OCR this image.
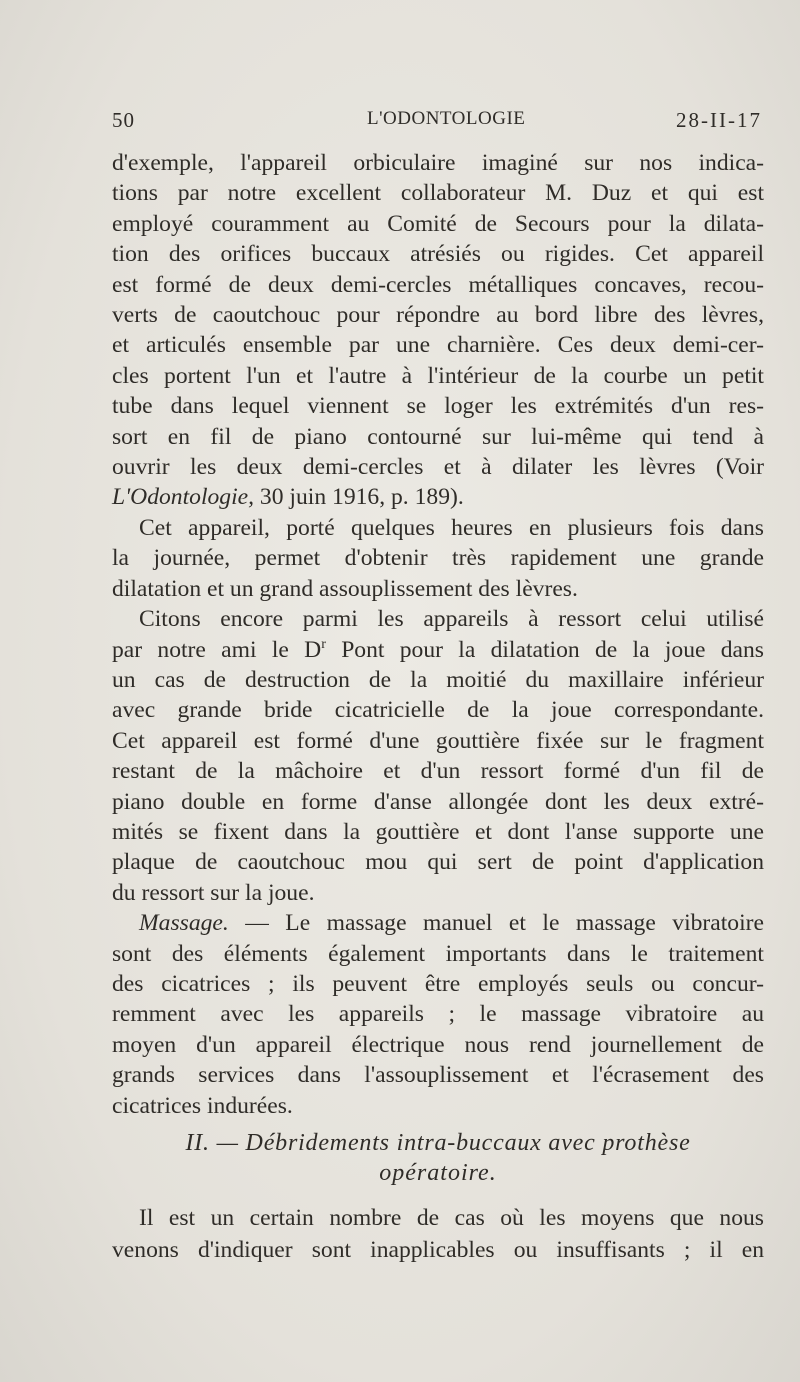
50	L'ODONTOLOGIE	28-II-17

d'exemple, l'appareil orbiculaire imaginé sur nos indica-

tions par notre excellent collaborateur M. Duz et qui est

employé couramment au Comité de Secours pour la dilata-

tion des orifices buccaux atrésiés ou rigides. Cet appareil

est formé de deux demi-cercles métalliques concaves, recou-

verts de caoutchouc pour répondre au bord libre des lèvres,

et articulés ensemble par une charnière. Ces deux demi-cer-

cles portent l'un et l'autre à l'intérieur de la courbe un petit

tube dans lequel viennent se loger les extrémités d'un res-

sort en fil de piano contourné sur lui-même qui tend à

ouvrir les deux demi-cercles et à dilater les lèvres (Voir

L'Odontologie, 30 juin 1916, p. 189).

Cet appareil, porté quelques heures en plusieurs fois dans

la journée, permet d'obtenir très rapidement une grande

dilatation et un grand assouplissement des lèvres.

Citons encore parmi les appareils à ressort celui utilisé

par notre ami le $D^r$ Pont pour la dilatation de la joue dans

un cas de destruction de la moitié du maxillaire inférieur

avec grande bride cicatricielle de la joue correspondante.

Cet appareil est formé d'une gouttière fixée sur le fragment

restant de la mâchoire et d'un ressort formé d'un fil de

piano double en forme d'anse allongée dont les deux extré-

mités se fixent dans la gouttière et dont l'anse supporte une

plaque de caoutchouc mou qui sert de point d'application

du ressort sur la joue.

Massage. — Le massage manuel et le massage vibratoire

sont des éléments également importants dans le traitement

des cicatrices ; ils peuvent être employés seuls ou concur-

remment avec les appareils ; le massage vibratoire au

moyen d'un appareil électrique nous rend journellement de

grands services dans l'assouplissement et l'écrasement des

cicatrices indurées.

II. — Débridements intra-buccaux avec prothèse
opératoire.

Il est un certain nombre de cas où les moyens que nous

venons d'indiquer sont inapplicables ou insuffisants ; il en
